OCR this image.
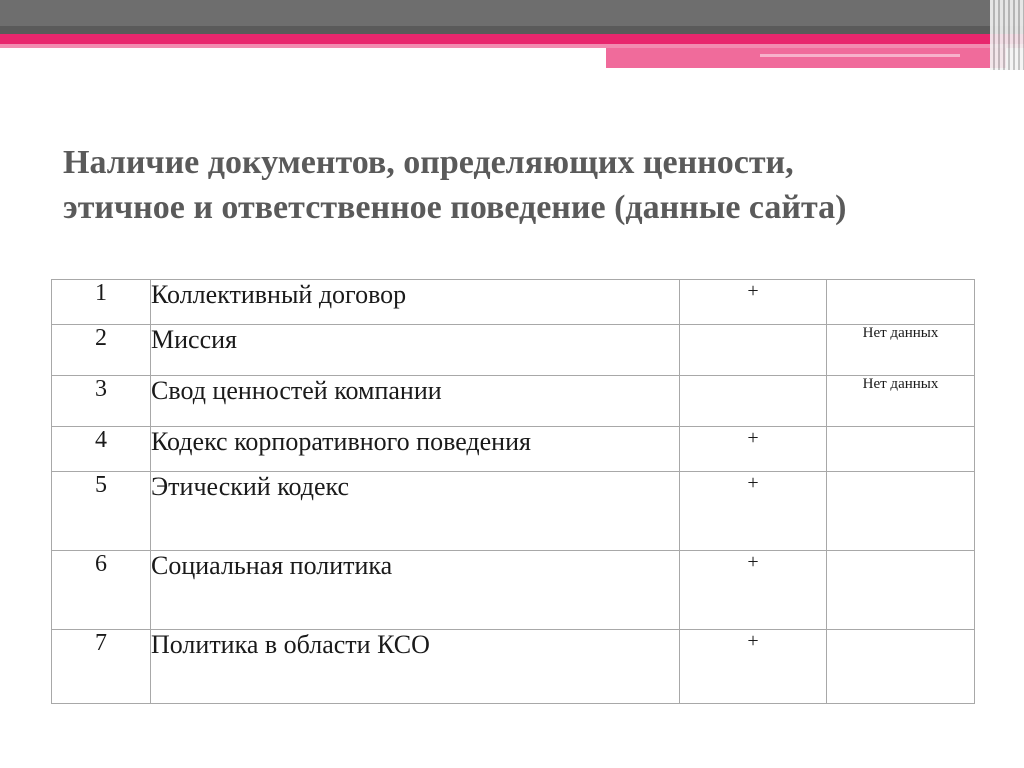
Наличие документов, определяющих ценности,
этичное и ответственное поведение (данные сайта)
1	Коллективный договор	+	
2	Миссия		Нет данных
3	Свод ценностей компании		Нет данных
4	Кодекс корпоративного поведения	+	
5	Этический кодекс	+	
6	Социальная политика	+	
7	Политика в области КСО	+	
